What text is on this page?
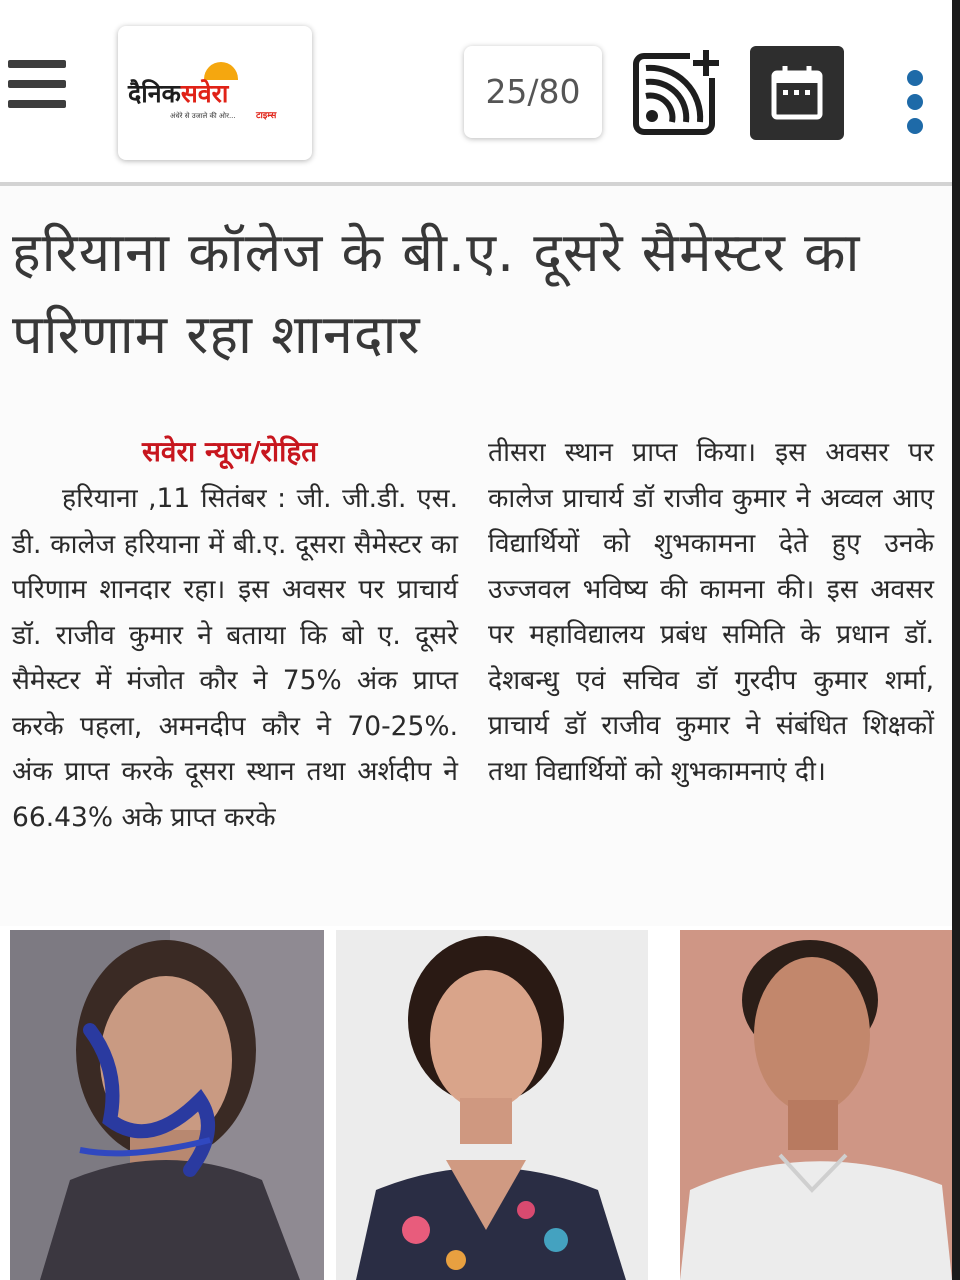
दैनिकसवेरा
अंधेरे से उजाले की ओर... टाइम्स
25/80
हरियाना कॉलेज के बी.ए. दूसरे सैमेस्टर का परिणाम रहा शानदार
सवेरा न्यूज/रोहित
हरियाना ,11 सितंबर : जी. जी.डी. एस. डी. कालेज हरियाना में बी.ए. दूसरा सैमेस्टर का परिणाम शानदार रहा। इस अवसर पर प्राचार्य डॉ. राजीव कुमार ने बताया कि बो ए. दूसरे सैमेस्टर में मंजोत कौर ने 75% अंक प्राप्त करके पहला, अमनदीप कौर ने 70-25%. अंक प्राप्त करके दूसरा स्थान तथा अर्शदीप ने 66.43% अके प्राप्त करके
तीसरा स्थान प्राप्त किया। इस अवसर पर कालेज प्राचार्य डॉ राजीव कुमार ने अव्वल आए विद्यार्थियों को शुभकामना देते हुए उनके उज्जवल भविष्य की कामना की। इस अवसर पर महाविद्यालय प्रबंध समिति के प्रधान डॉ. देशबन्धु एवं सचिव डॉ गुरदीप कुमार शर्मा, प्राचार्य डॉ राजीव कुमार ने संबंधित शिक्षकों तथा विद्यार्थियों को शुभकामनाएं दी।
